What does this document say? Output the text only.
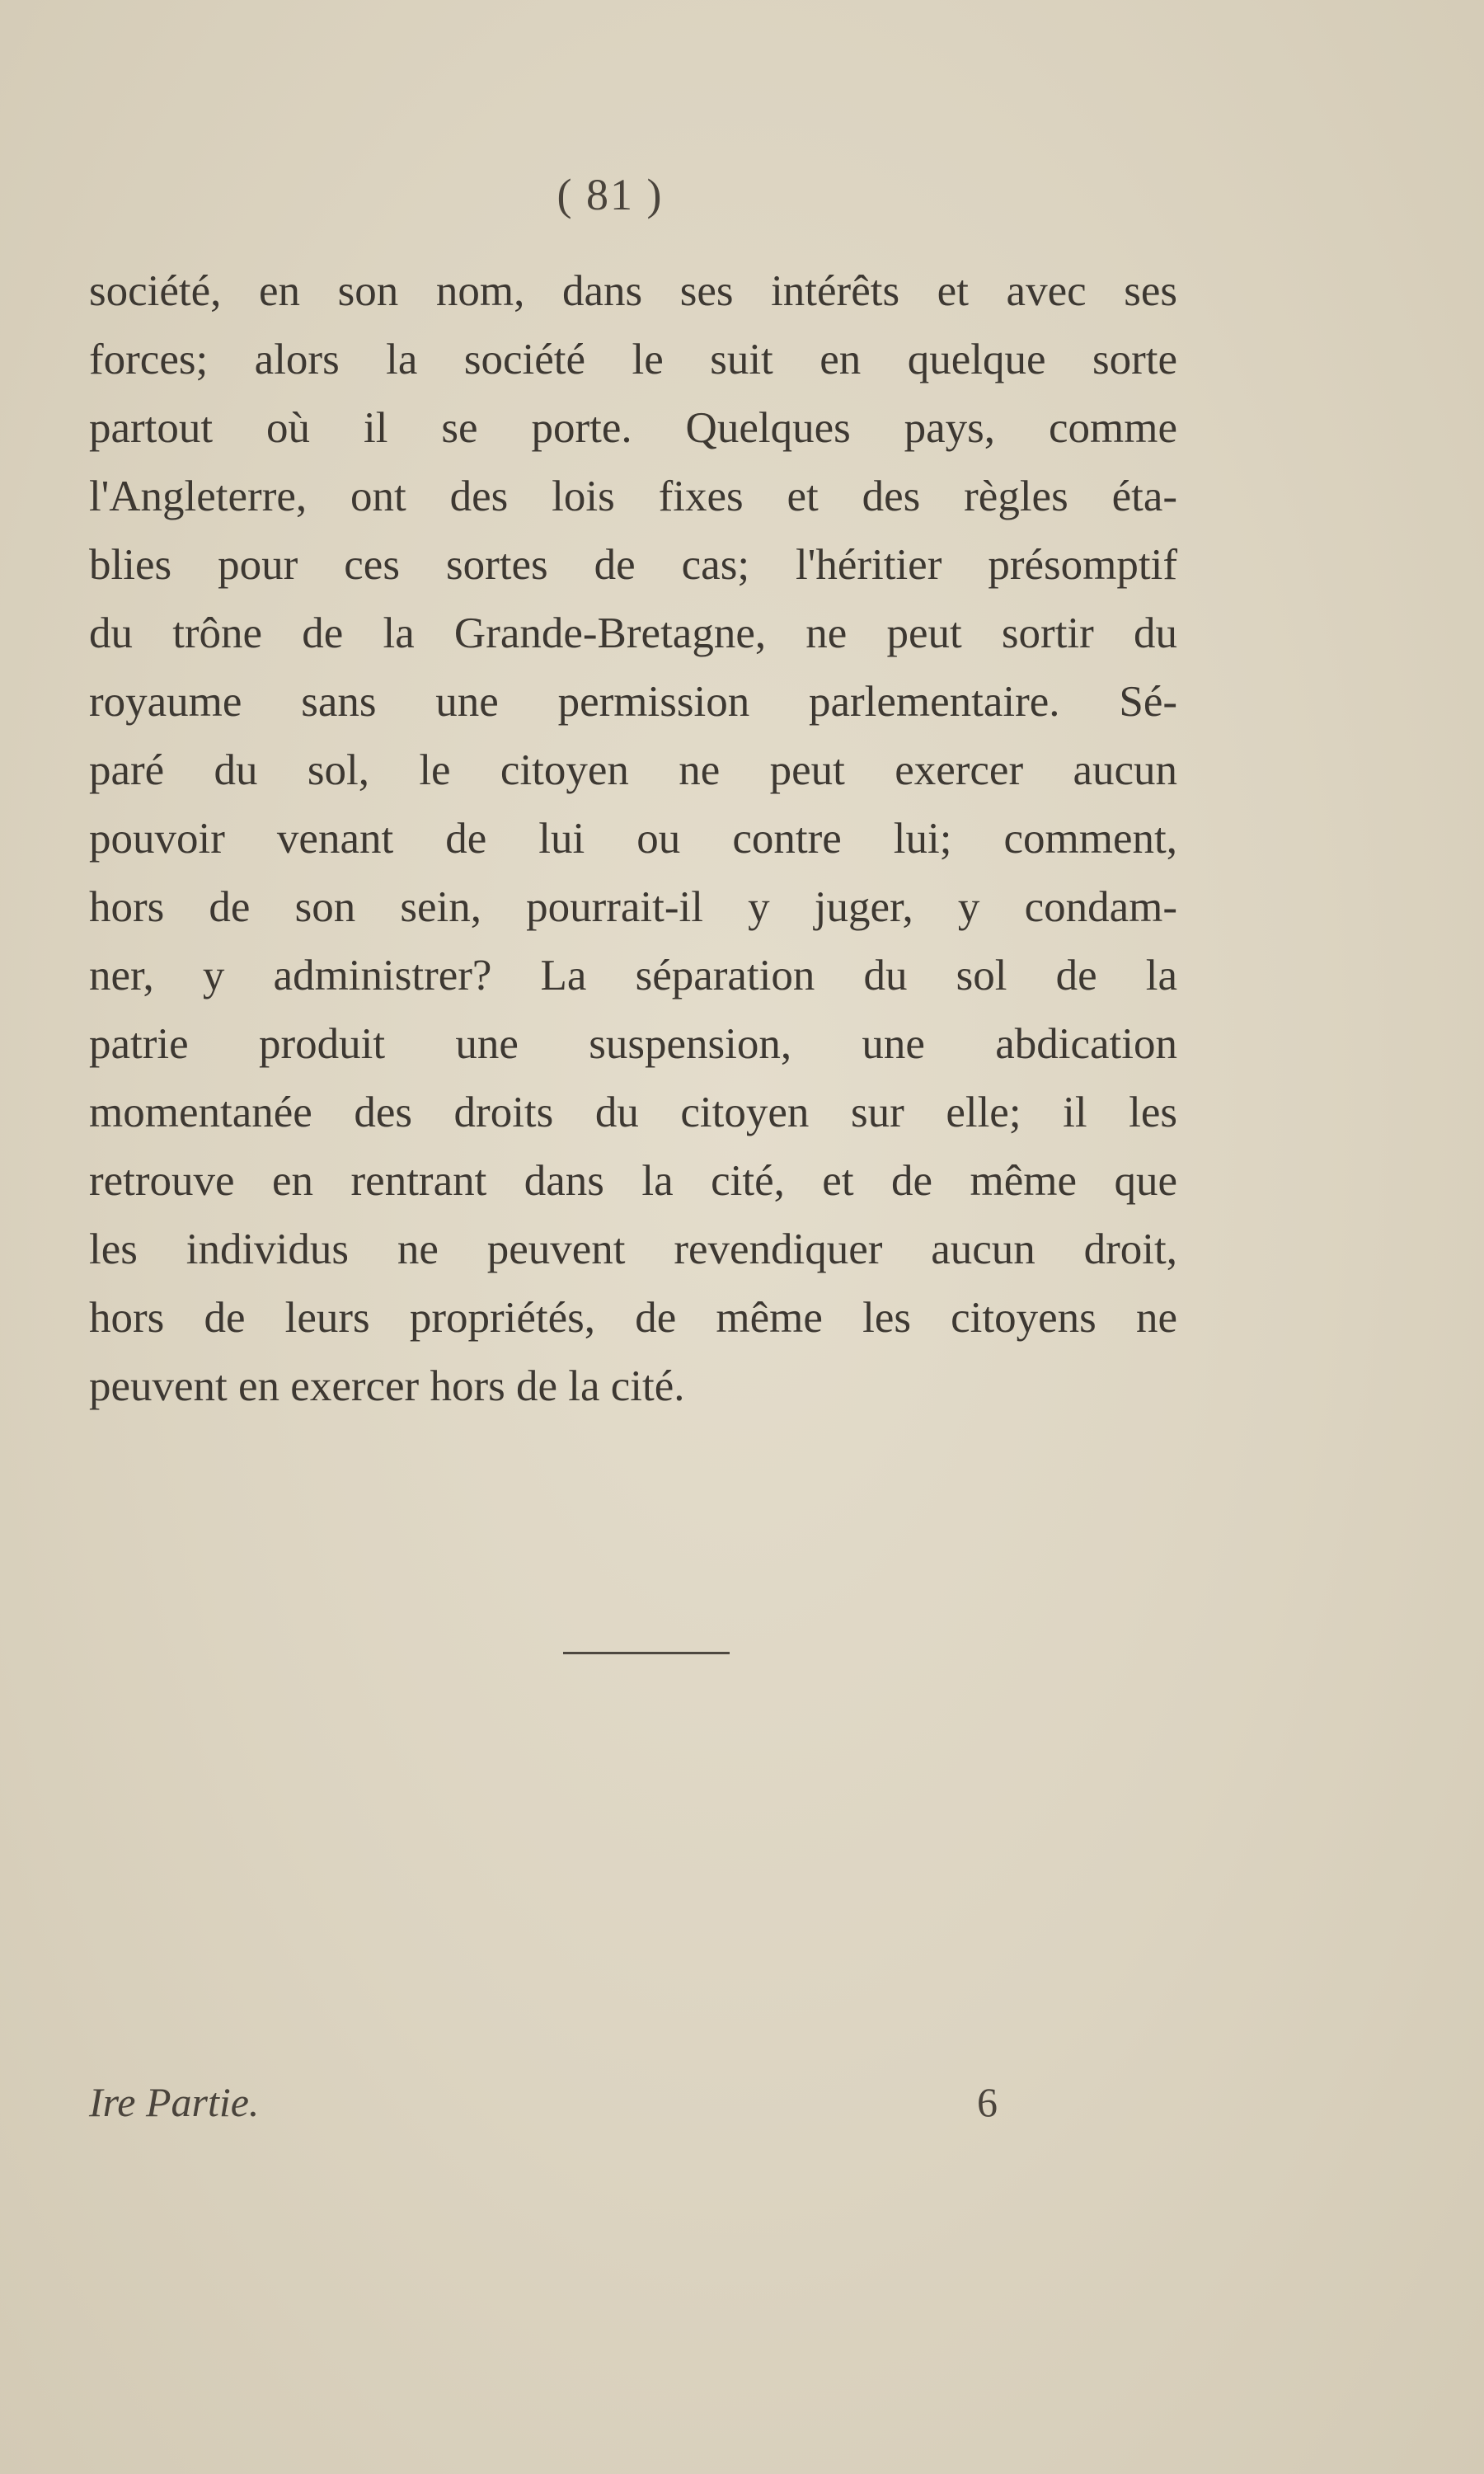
( 81 )
société, en son nom, dans ses intérêts et avec ses
forces; alors la société le suit en quelque sorte
partout où il se porte. Quelques pays, comme
l'Angleterre, ont des lois fixes et des règles éta-
blies pour ces sortes de cas; l'héritier présomptif
du trône de la Grande-Bretagne, ne peut sortir du
royaume sans une permission parlementaire. Sé-
paré du sol, le citoyen ne peut exercer aucun
pouvoir venant de lui ou contre lui; comment,
hors de son sein, pourrait-il y juger, y condam-
ner, y administrer? La séparation du sol de la
patrie produit une suspension, une abdication
momentanée des droits du citoyen sur elle; il les
retrouve en rentrant dans la cité, et de même que
les individus ne peuvent revendiquer aucun droit,
hors de leurs propriétés, de même les citoyens ne
peuvent en exercer hors de la cité.
Ire Partie.	6
